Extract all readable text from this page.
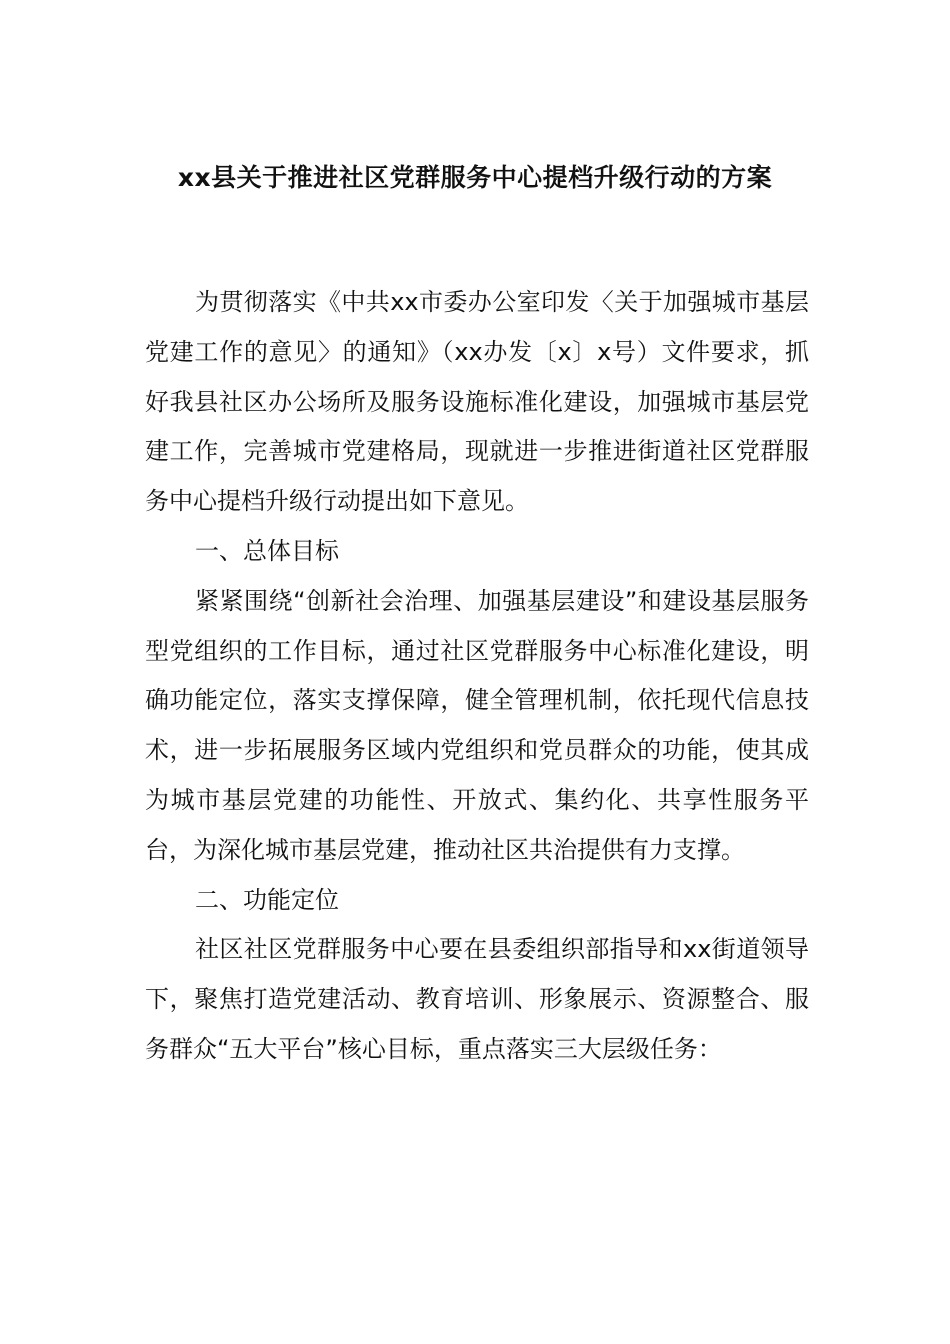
xx县关于推进社区党群服务中心提档升级行动的方案

为贯彻落实《中共xx市委办公室印发〈关于加强城市基层党建工作的意见〉的通知》（xx办发〔x〕x号）文件要求，抓好我县社区办公场所及服务设施标准化建设，加强城市基层党建工作，完善城市党建格局，现就进一步推进街道社区党群服务中心提档升级行动提出如下意见。

一、总体目标

紧紧围绕“创新社会治理、加强基层建设”和建设基层服务型党组织的工作目标，通过社区党群服务中心标准化建设，明确功能定位，落实支撑保障，健全管理机制，依托现代信息技术，进一步拓展服务区域内党组织和党员群众的功能，使其成为城市基层党建的功能性、开放式、集约化、共享性服务平台，为深化城市基层党建，推动社区共治提供有力支撑。

二、功能定位

社区社区党群服务中心要在县委组织部指导和xx街道领导下，聚焦打造党建活动、教育培训、形象展示、资源整合、服务群众“五大平台”核心目标，重点落实三大层级任务：
